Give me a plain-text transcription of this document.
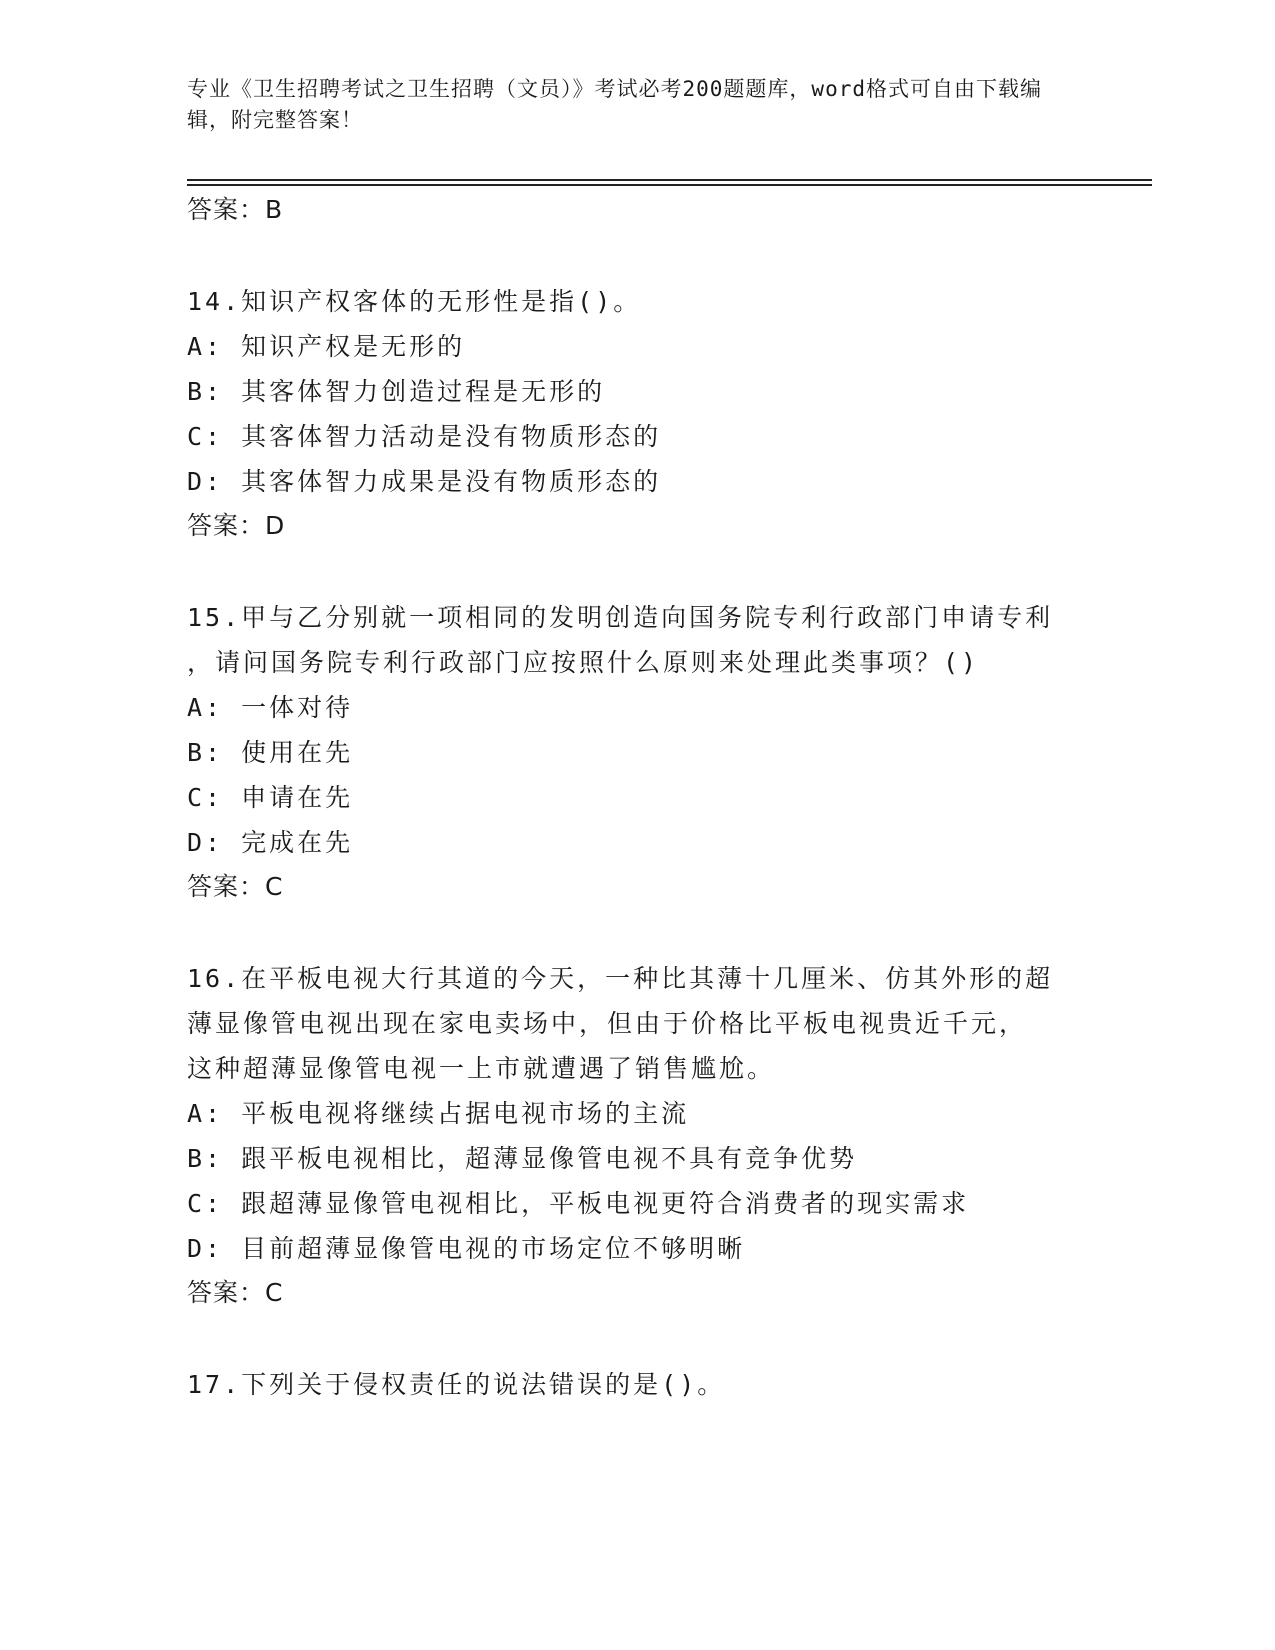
专业《卫生招聘考试之卫生招聘（文员）》考试必考200题题库，word格式可自由下载编辑，附完整答案！
答案：B
14.知识产权客体的无形性是指()。
A: 知识产权是无形的
B: 其客体智力创造过程是无形的
C: 其客体智力活动是没有物质形态的
D: 其客体智力成果是没有物质形态的
答案：D
15.甲与乙分别就一项相同的发明创造向国务院专利行政部门申请专利
，请问国务院专利行政部门应按照什么原则来处理此类事项？()
A: 一体对待
B: 使用在先
C: 申请在先
D: 完成在先
答案：C
16.在平板电视大行其道的今天，一种比其薄十几厘米、仿其外形的超
薄显像管电视出现在家电卖场中，但由于价格比平板电视贵近千元，
这种超薄显像管电视一上市就遭遇了销售尴尬。
A: 平板电视将继续占据电视市场的主流
B: 跟平板电视相比，超薄显像管电视不具有竞争优势
C: 跟超薄显像管电视相比，平板电视更符合消费者的现实需求
D: 目前超薄显像管电视的市场定位不够明晰
答案：C
17.下列关于侵权责任的说法错误的是()。
